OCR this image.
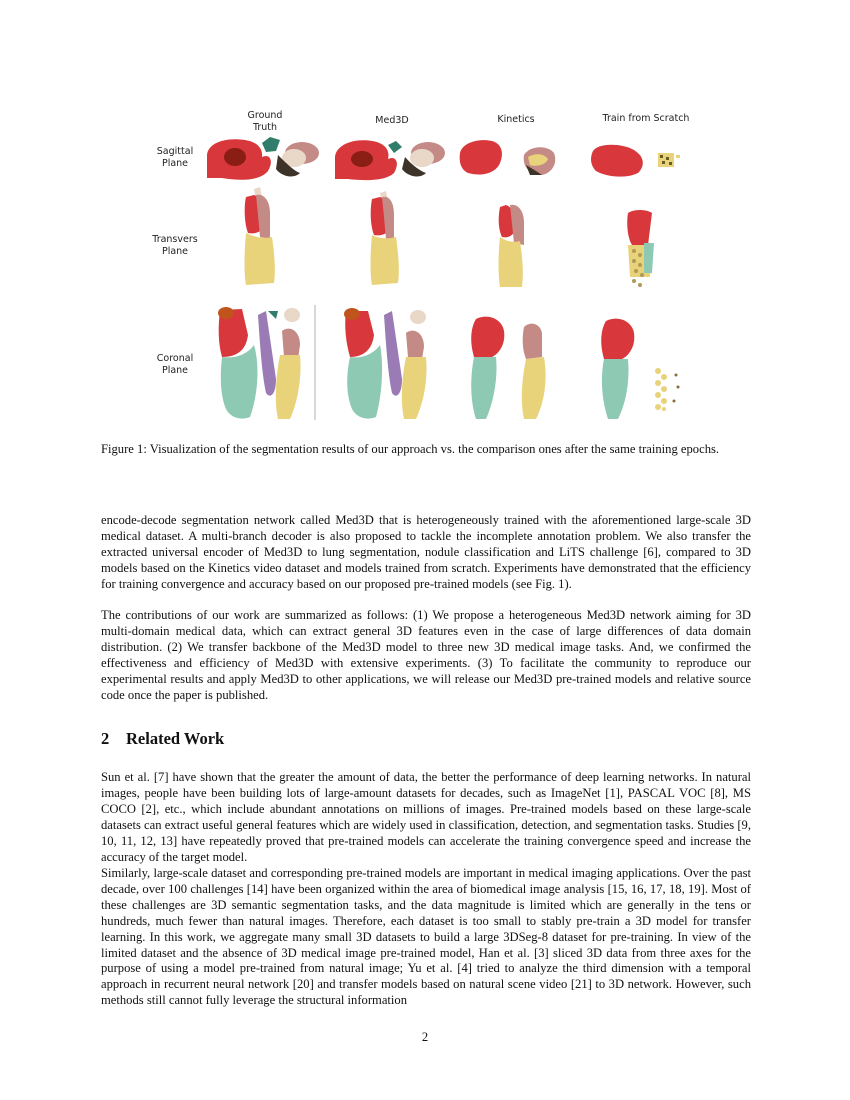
Ground
Truth
Med3D	Kinetics	Train from Scratch
Sagittal
Plane
Transvers
Plane
Coronal
Plane
Figure 1: Visualization of the segmentation results of our approach vs. the comparison ones after the same training epochs.
encode-decode segmentation network called Med3D that is heterogeneously trained with the aforementioned large-scale 3D medical dataset. A multi-branch decoder is also proposed to tackle the incomplete annotation problem. We also transfer the extracted universal encoder of Med3D to lung segmentation, nodule classification and LiTS challenge [6], compared to 3D models based on the Kinetics video dataset and models trained from scratch. Experiments have demonstrated that the efficiency for training convergence and accuracy based on our proposed pre-trained models (see Fig. 1).
The contributions of our work are summarized as follows: (1) We propose a heterogeneous Med3D network aiming for 3D multi-domain medical data, which can extract general 3D features even in the case of large differences of data domain distribution. (2) We transfer backbone of the Med3D model to three new 3D medical image tasks. And, we confirmed the effectiveness and efficiency of Med3D with extensive experiments. (3) To facilitate the community to reproduce our experimental results and apply Med3D to other applications, we will release our Med3D pre-trained models and relative source code once the paper is published.
2 Related Work
Sun et al. [7] have shown that the greater the amount of data, the better the performance of deep learning networks. In natural images, people have been building lots of large-amount datasets for decades, such as ImageNet [1], PASCAL VOC [8], MS COCO [2], etc., which include abundant annotations on millions of images. Pre-trained models based on these large-scale datasets can extract useful general features which are widely used in classification, detection, and segmentation tasks. Studies [9, 10, 11, 12, 13] have repeatedly proved that pre-trained models can accelerate the training convergence speed and increase the accuracy of the target model.
Similarly, large-scale dataset and corresponding pre-trained models are important in medical imaging applications. Over the past decade, over 100 challenges [14] have been organized within the area of biomedical image analysis [15, 16, 17, 18, 19]. Most of these challenges are 3D semantic segmentation tasks, and the data magnitude is limited which are generally in the tens or hundreds, much fewer than natural images. Therefore, each dataset is too small to stably pre-train a 3D model for transfer learning. In this work, we aggregate many small 3D datasets to build a large 3DSeg-8 dataset for pre-training. In view of the limited dataset and the absence of 3D medical image pre-trained model, Han et al. [3] sliced 3D data from three axes for the purpose of using a model pre-trained from natural image; Yu et al. [4] tried to analyze the third dimension with a temporal approach in recurrent neural network [20] and transfer models based on natural scene video [21] to 3D network. However, such methods still cannot fully leverage the structural information
2
